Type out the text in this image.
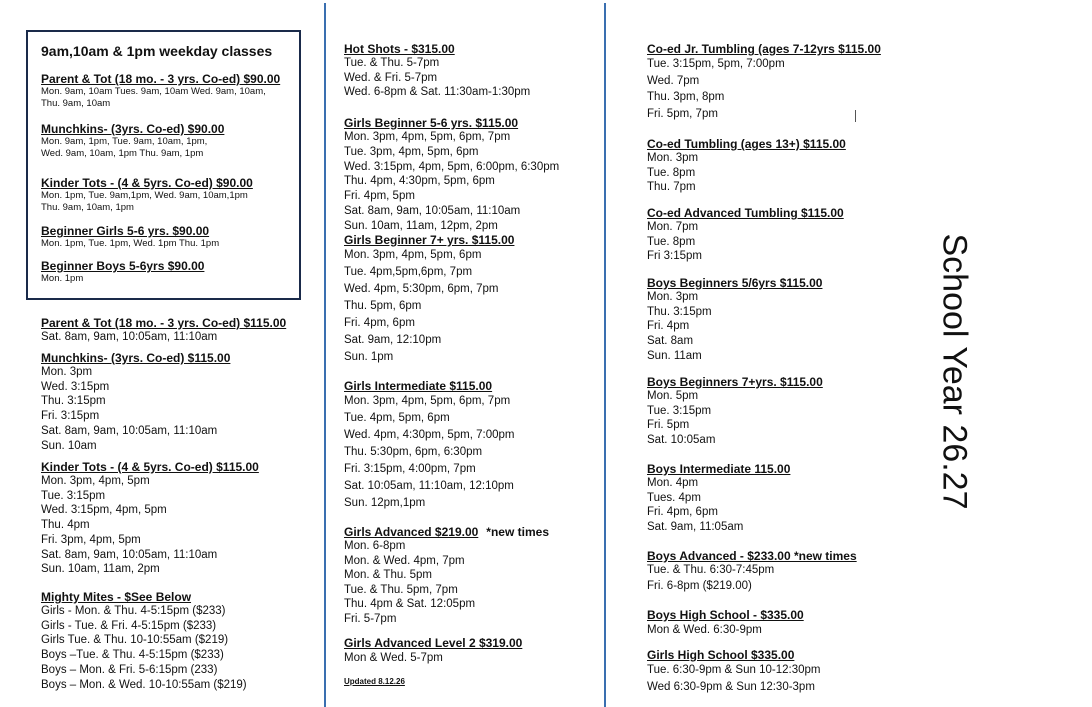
9am,10am & 1pm weekday classes
Parent & Tot (18 mo. - 3 yrs. Co-ed) $90.00
Mon. 9am, 10am Tues. 9am, 10am Wed. 9am, 10am,
Thu. 9am, 10am
Munchkins- (3yrs. Co-ed) $90.00
Mon. 9am, 1pm, Tue. 9am, 10am, 1pm,
Wed. 9am, 10am, 1pm Thu. 9am, 1pm
Kinder Tots - (4 & 5yrs. Co-ed) $90.00
Mon. 1pm, Tue. 9am,1pm, Wed. 9am, 10am,1pm
Thu. 9am, 10am, 1pm
Beginner Girls 5-6 yrs. $90.00
Mon. 1pm, Tue. 1pm, Wed. 1pm Thu. 1pm
Beginner Boys 5-6yrs $90.00
Mon. 1pm
Parent & Tot (18 mo. - 3 yrs. Co-ed) $115.00
Sat. 8am, 9am, 10:05am, 11:10am
Munchkins- (3yrs. Co-ed) $115.00
Mon. 3pm
Wed. 3:15pm
Thu. 3:15pm
Fri. 3:15pm
Sat. 8am, 9am, 10:05am, 11:10am
Sun. 10am
Kinder Tots - (4 & 5yrs. Co-ed) $115.00
Mon. 3pm, 4pm, 5pm
Tue. 3:15pm
Wed. 3:15pm, 4pm, 5pm
Thu. 4pm
Fri. 3pm, 4pm, 5pm
Sat. 8am, 9am, 10:05am, 11:10am
Sun. 10am, 11am, 2pm
Mighty Mites - $See Below
Girls - Mon. & Thu. 4-5:15pm ($233)
Girls - Tue. & Fri. 4-5:15pm ($233)
Girls Tue. & Thu. 10-10:55am ($219)
Boys –Tue. & Thu. 4-5:15pm ($233)
Boys – Mon. & Fri. 5-6:15pm (233)
Boys – Mon. & Wed. 10-10:55am ($219)
Hot Shots - $315.00
Tue. & Thu. 5-7pm
Wed. & Fri. 5-7pm
Wed. 6-8pm & Sat. 11:30am-1:30pm
Girls Beginner 5-6 yrs. $115.00
Mon. 3pm, 4pm, 5pm, 6pm, 7pm
Tue. 3pm, 4pm, 5pm, 6pm
Wed. 3:15pm, 4pm, 5pm, 6:00pm, 6:30pm
Thu. 4pm, 4:30pm, 5pm, 6pm
Fri. 4pm, 5pm
Sat. 8am, 9am, 10:05am, 11:10am
Sun. 10am, 11am, 12pm, 2pm
Girls Beginner 7+ yrs. $115.00
Mon. 3pm, 4pm, 5pm, 6pm
Tue. 4pm,5pm,6pm, 7pm
Wed. 4pm, 5:30pm, 6pm, 7pm
Thu. 5pm, 6pm
Fri. 4pm, 6pm
Sat. 9am, 12:10pm
Sun. 1pm
Girls Intermediate $115.00
Mon. 3pm, 4pm, 5pm, 6pm, 7pm
Tue. 4pm, 5pm, 6pm
Wed. 4pm, 4:30pm, 5pm, 7:00pm
Thu. 5:30pm, 6pm, 6:30pm
Fri. 3:15pm, 4:00pm, 7pm
Sat. 10:05am, 11:10am, 12:10pm
Sun. 12pm,1pm
Girls Advanced $219.00*new times
Mon. 6-8pm
Mon. & Wed. 4pm, 7pm
Mon. & Thu. 5pm
Tue. & Thu. 5pm, 7pm
Thu. 4pm & Sat. 12:05pm
Fri. 5-7pm
Girls Advanced Level 2 $319.00
Mon & Wed. 5-7pm
Updated 8.12.26
Co-ed Jr. Tumbling (ages 7-12yrs $115.00
Tue. 3:15pm, 5pm, 7:00pm
Wed. 7pm
Thu. 3pm, 8pm
Fri. 5pm, 7pm
Co-ed Tumbling (ages 13+) $115.00
Mon. 3pm
Tue. 8pm
Thu. 7pm
Co-ed Advanced Tumbling $115.00
Mon. 7pm
Tue. 8pm
Fri 3:15pm
Boys Beginners 5/6yrs $115.00
Mon. 3pm
Thu. 3:15pm
Fri. 4pm
Sat. 8am
Sun. 11am
Boys Beginners 7+yrs. $115.00
Mon. 5pm
Tue. 3:15pm
Fri. 5pm
Sat. 10:05am
Boys Intermediate 115.00
Mon. 4pm
Tues. 4pm
Fri. 4pm, 6pm
Sat. 9am, 11:05am
Boys Advanced - $233.00 *new times
Tue. & Thu. 6:30-7:45pm
Fri. 6-8pm ($219.00)
Boys High School - $335.00
Mon & Wed. 6:30-9pm
Girls High School $335.00
Tue. 6:30-9pm & Sun 10-12:30pm
Wed 6:30-9pm & Sun 12:30-3pm
School Year 26.27
